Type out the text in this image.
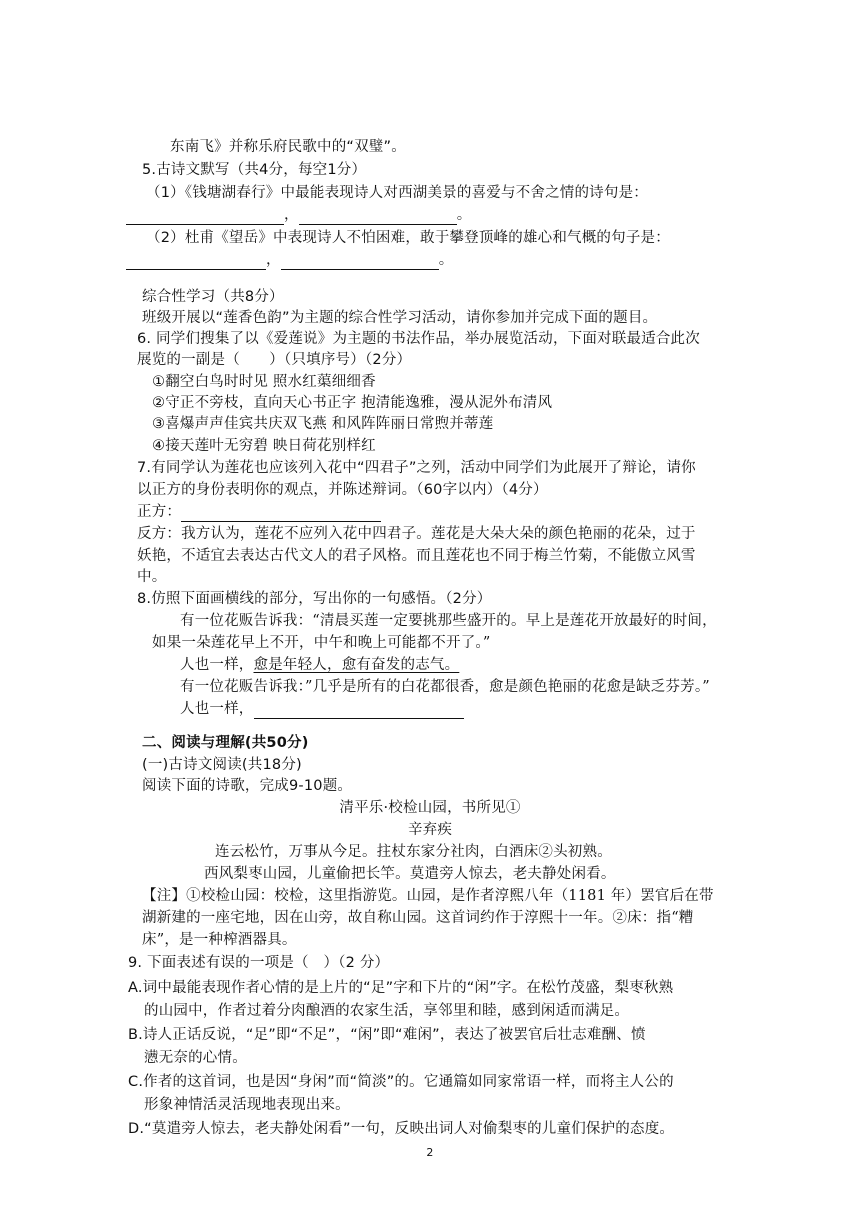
东南飞》并称乐府民歌中的“双璧”。
5.古诗文默写（共4分，每空1分）
（1）《钱塘湖春行》中最能表现诗人对西湖美景的喜爱与不舍之情的诗句是：
，	。
（2）杜甫《望岳》中表现诗人不怕困难，敢于攀登顶峰的雄心和气概的句子是：
，	。
综合性学习（共8分）
班级开展以“莲香色韵”为主题的综合性学习活动，请你参加并完成下面的题目。
6. 同学们搜集了以《爱莲说》为主题的书法作品，举办展览活动，下面对联最适合此次
展览的一副是（　　）（只填序号）（2分）
①翻空白鸟时时见 照水红蕖细细香
②守正不旁枝，直向天心书正字 抱清能逸雅，漫从泥外布清风
③喜爆声声佳宾共庆双飞燕 和风阵阵丽日常煦并蒂莲
④接天莲叶无穷碧 映日荷花别样红
7.有同学认为莲花也应该列入花中“四君子”之列，活动中同学们为此展开了辩论，请你
以正方的身份表明你的观点，并陈述辩词。（60字以内）（4分）
正方：
反方：我方认为，莲花不应列入花中四君子。莲花是大朵大朵的颜色艳丽的花朵，过于
妖艳，不适宜去表达古代文人的君子风格。而且莲花也不同于梅兰竹菊，不能傲立风雪
中。
8.仿照下面画横线的部分，写出你的一句感悟。（2分）
有一位花贩告诉我：“清晨买莲一定要挑那些盛开的。早上是莲花开放最好的时间，
如果一朵莲花早上不开，中午和晚上可能都不开了。”
人也一样，愈是年轻人，愈有奋发的志气。
有一位花贩告诉我：”几乎是所有的白花都很香，愈是颜色艳丽的花愈是缺乏芬芳。”
人也一样，
二、阅读与理解(共50分)
(一)古诗文阅读(共18分)
阅读下面的诗歌，完成9-10题。
清平乐·校检山园，书所见①
辛弃疾
连云松竹，万事从今足。拄杖东家分社肉，白酒床②头初熟。
西风梨枣山园，儿童偷把长竿。莫遣旁人惊去，老夫静处闲看。
【注】①校检山园：校检，这里指游览。山园，是作者淳熙八年（1181 年）罢官后在带
湖新建的一座宅地，因在山旁，故自称山园。这首词约作于淳熙十一年。②床：指“糟
床”，是一种榨酒器具。
9. 下面表述有误的一项是（　）（2 分）
A.词中最能表现作者心情的是上片的“足”字和下片的“闲”字。在松竹茂盛，梨枣秋熟
的山园中，作者过着分肉酿酒的农家生活，享邻里和睦，感到闲适而满足。
B.诗人正话反说，“足”即“不足”，“闲”即“难闲”，表达了被罢官后壮志难酬、愤
懑无奈的心情。
C.作者的这首词，也是因“身闲”而“简淡”的。它通篇如同家常语一样，而将主人公的
形象神情活灵活现地表现出来。
D.“莫遣旁人惊去，老夫静处闲看”一句，反映出词人对偷梨枣的儿童们保护的态度。
2
